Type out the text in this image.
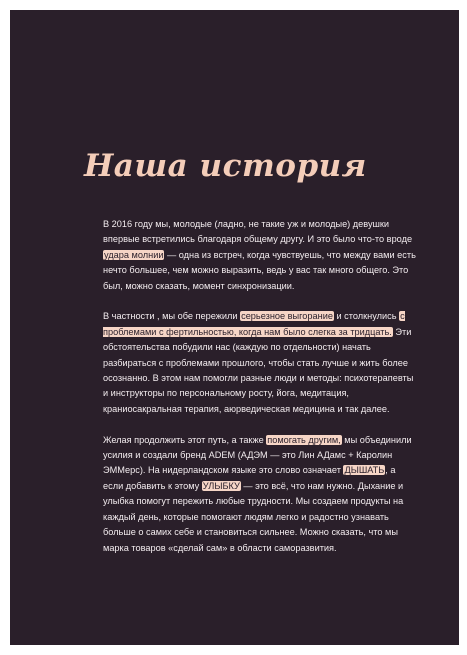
Наша история

В 2016 году мы, молодые (ладно, не такие уж и молодые) девушки впервые встретились благодаря общему другу. И это было что-то вроде удара молнии — одна из встреч, когда чувствуешь, что между вами есть нечто большее, чем можно выразить, ведь у вас так много общего. Это был, можно сказать, момент синхронизации.

В частности , мы обе пережили серьезное выгорание и столкнулись с проблемами с фертильностью, когда нам было слегка за тридцать. Эти обстоятельства побудили нас (каждую по отдельности) начать разбираться с проблемами прошлого, чтобы стать лучше и жить более осознанно. В этом нам помогли разные люди и методы: психотерапевты и инструкторы по персональному росту, йога, медитация, краниосакральная терапия, аюрведическая медицина и так далее.

Желая продолжить этот путь, а также помогать другим, мы объединили усилия и создали бренд ADEM (АДЭМ — это Лин АДамс + Каролин ЭММерс). На нидерландском языке это слово означает ДЫШАТЬ, а если добавить к этому УЛЫБКУ — это всё, что нам нужно. Дыхание и улыбка помогут пережить любые трудности. Мы создаем продукты на каждый день, которые помогают людям легко и радостно узнавать больше о самих себе и становиться сильнее. Можно сказать, что мы марка товаров «сделай сам» в области саморазвития.
